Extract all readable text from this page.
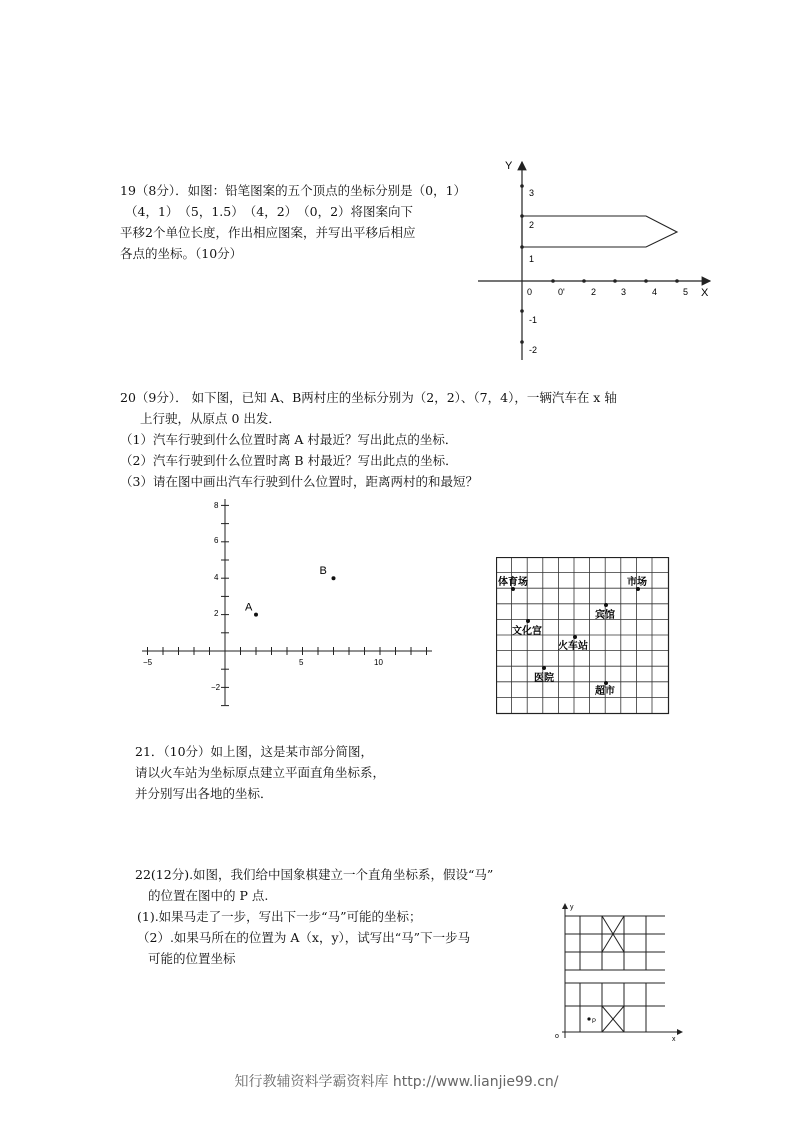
19（8分）．如图：铅笔图案的五个顶点的坐标分别是（0，1）
（4，1）　（5，1.5）　（4，2）　（0，2）将图案向下
平移2个单位长度，作出相应图案，并写出平移后相应
各点的坐标。（10分）
Y
X
0	0'	2	3	4	5
3
2
1
-1
-2
20（9分）． 如下图，已知 A、B两村庄的坐标分别为（2，2）、（7，4），一辆汽车在 x 轴
上行驶，从原点 0 出发．
（1）汽车行驶到什么位置时离 A 村最近？写出此点的坐标．
（2）汽车行驶到什么位置时离 B 村最近？写出此点的坐标．
（3）请在图中画出汽车行驶到什么位置时，距离两村的和最短？
−5	5	10
8
6
4
2
−2
A
B
体育场	市场
宾馆
文化宫
火车站
医院
超市
21．（10分）如上图，这是某市部分简图，
请以火车站为坐标原点建立平面直角坐标系，
并分别写出各地的坐标．
22(12分).如图，我们给中国象棋建立一个直角坐标系，假设“马”
的位置在图中的 P 点.
(1).如果马走了一步，写出下一步“马”可能的坐标；
（2）.如果马所在的位置为 A（x，y），试写出“马”下一步马
可能的位置坐标
y
x
o
P
知行教辅资料学霸资料库 http://www.lianjie99.cn/
